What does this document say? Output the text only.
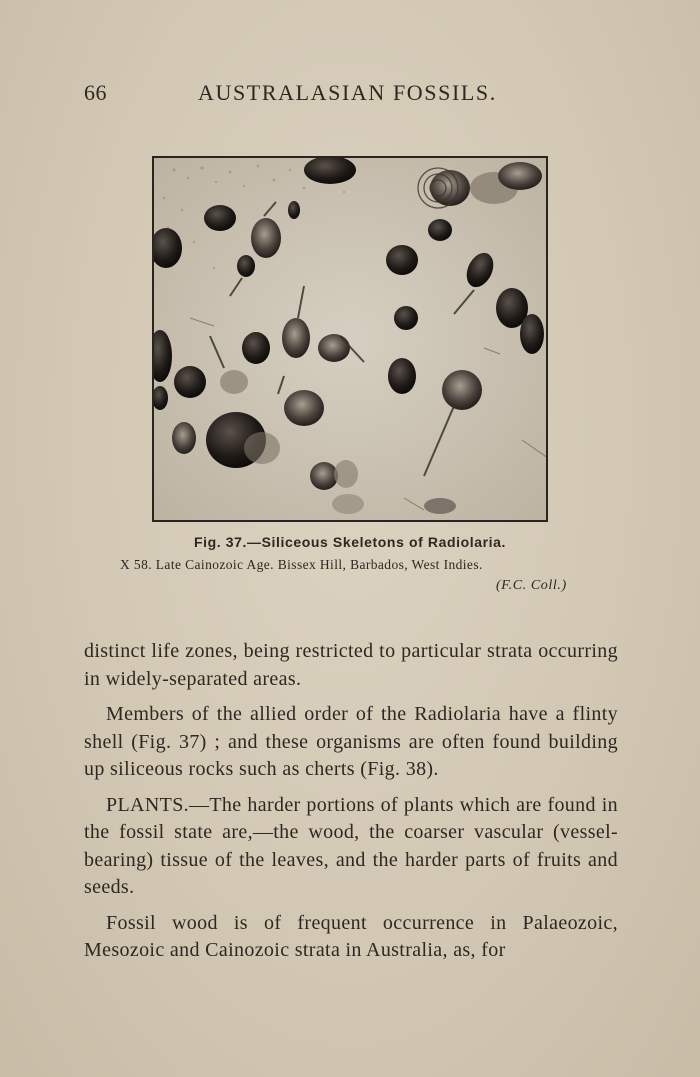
66	AUSTRALASIAN FOSSILS.
Fig. 37.—Siliceous Skeletons of Radiolaria.
X 58. Late Cainozoic Age. Bissex Hill, Barbados, West Indies.
(F.C. Coll.)

distinct life zones, being restricted to particular strata occurring in widely-separated areas.

Members of the allied order of the Radiolaria have a flinty shell (Fig. 37) ; and these organisms are often found building up siliceous rocks such as cherts (Fig. 38).

PLANTS.—The harder portions of plants which are found in the fossil state are,—the wood, the coarser vascular (vessel-bearing) tissue of the leaves, and the harder parts of fruits and seeds.

Fossil wood is of frequent occurrence in Palaeozoic, Mesozoic and Cainozoic strata in Australia, as, for
